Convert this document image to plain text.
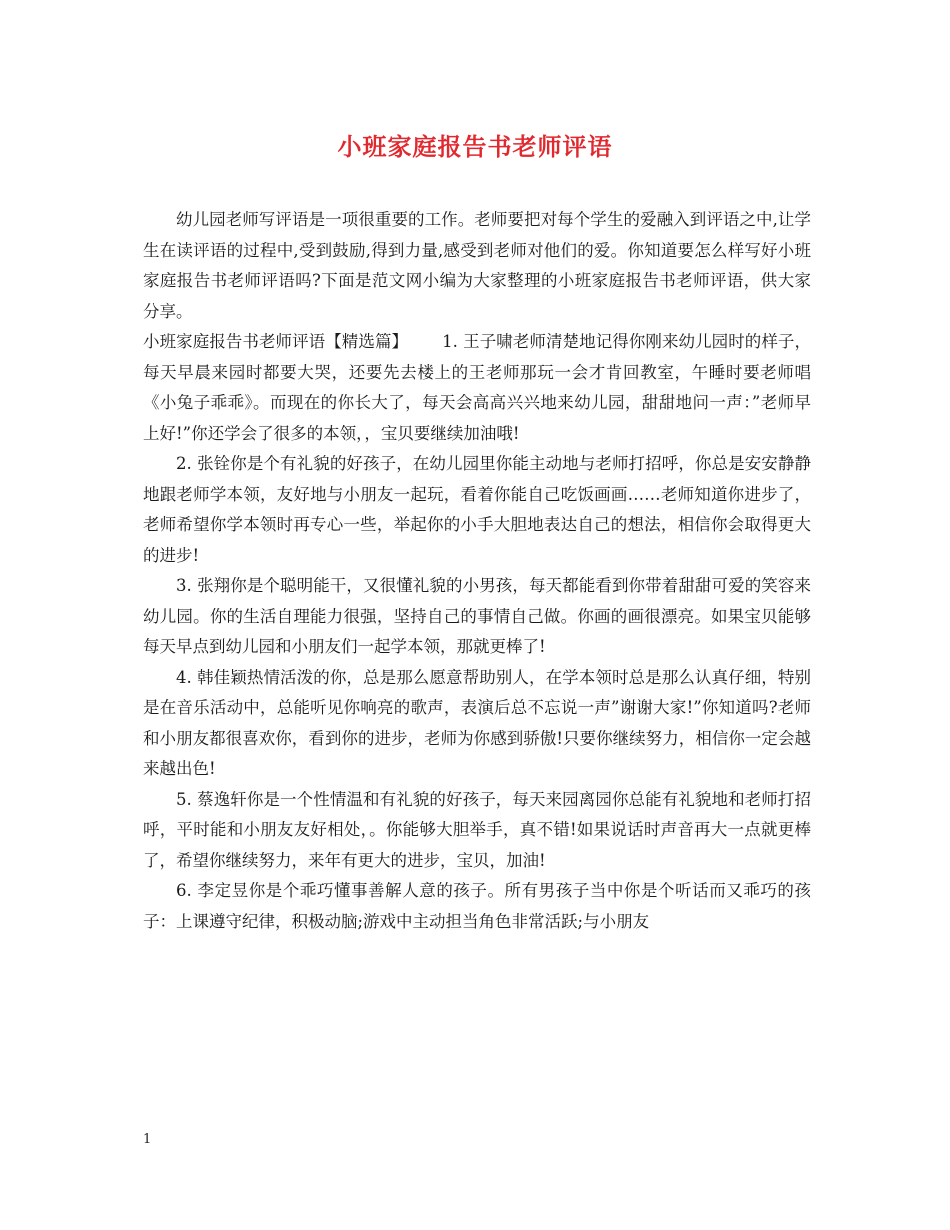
小班家庭报告书老师评语

幼儿园老师写评语是一项很重要的工作。老师要把对每个学生的爱融入到评语之中,让学生在读评语的过程中,受到鼓励,得到力量,感受到老师对他们的爱。你知道要怎么样写好小班家庭报告书老师评语吗?下面是范文网小编为大家整理的小班家庭报告书老师评语，供大家分享。

小班家庭报告书老师评语【精选篇】 1. 王子啸老师清楚地记得你刚来幼儿园时的样子，每天早晨来园时都要大哭，还要先去楼上的王老师那玩一会才肯回教室，午睡时要老师唱《小兔子乖乖》。而现在的你长大了，每天会高高兴兴地来幼儿园，甜甜地问一声：”老师早上好!”你还学会了很多的本领，，宝贝要继续加油哦!

2. 张铨你是个有礼貌的好孩子，在幼儿园里你能主动地与老师打招呼，你总是安安静静地跟老师学本领，友好地与小朋友一起玩，看着你能自己吃饭画画……老师知道你进步了，老师希望你学本领时再专心一些，举起你的小手大胆地表达自己的想法，相信你会取得更大的进步!

3. 张翔你是个聪明能干，又很懂礼貌的小男孩，每天都能看到你带着甜甜可爱的笑容来幼儿园。你的生活自理能力很强，坚持自己的事情自己做。你画的画很漂亮。如果宝贝能够每天早点到幼儿园和小朋友们一起学本领，那就更棒了!

4. 韩佳颖热情活泼的你，总是那么愿意帮助别人，在学本领时总是那么认真仔细，特别是在音乐活动中，总能听见你响亮的歌声，表演后总不忘说一声”谢谢大家!”你知道吗?老师和小朋友都很喜欢你，看到你的进步，老师为你感到骄傲!只要你继续努力，相信你一定会越来越出色!

5. 蔡逸轩你是一个性情温和有礼貌的好孩子，每天来园离园你总能有礼貌地和老师打招呼，平时能和小朋友友好相处，。你能够大胆举手，真不错!如果说话时声音再大一点就更棒了，希望你继续努力，来年有更大的进步，宝贝，加油!

6. 李定昱你是个乖巧懂事善解人意的孩子。所有男孩子当中你是个听话而又乖巧的孩子：上课遵守纪律，积极动脑;游戏中主动担当角色非常活跃;与小朋友

1
